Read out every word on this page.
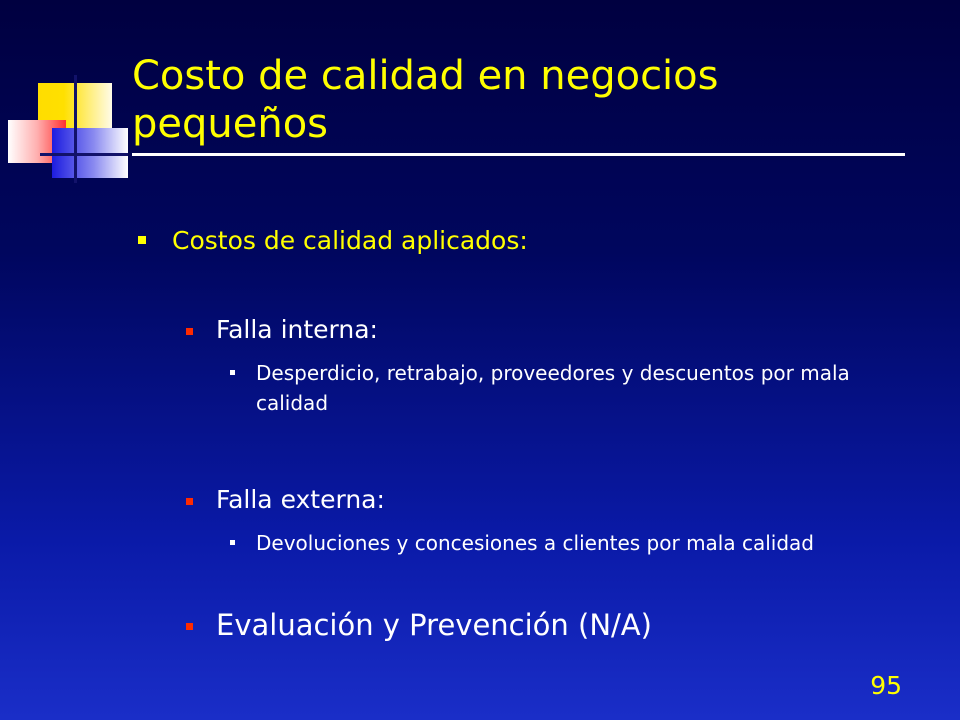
Costo de calidad en negocios pequeños
Costos de calidad aplicados:
Falla interna:
Desperdicio, retrabajo, proveedores y descuentos por mala calidad
Falla externa:
Devoluciones y concesiones a clientes por mala calidad
Evaluación y Prevención (N/A)
95
